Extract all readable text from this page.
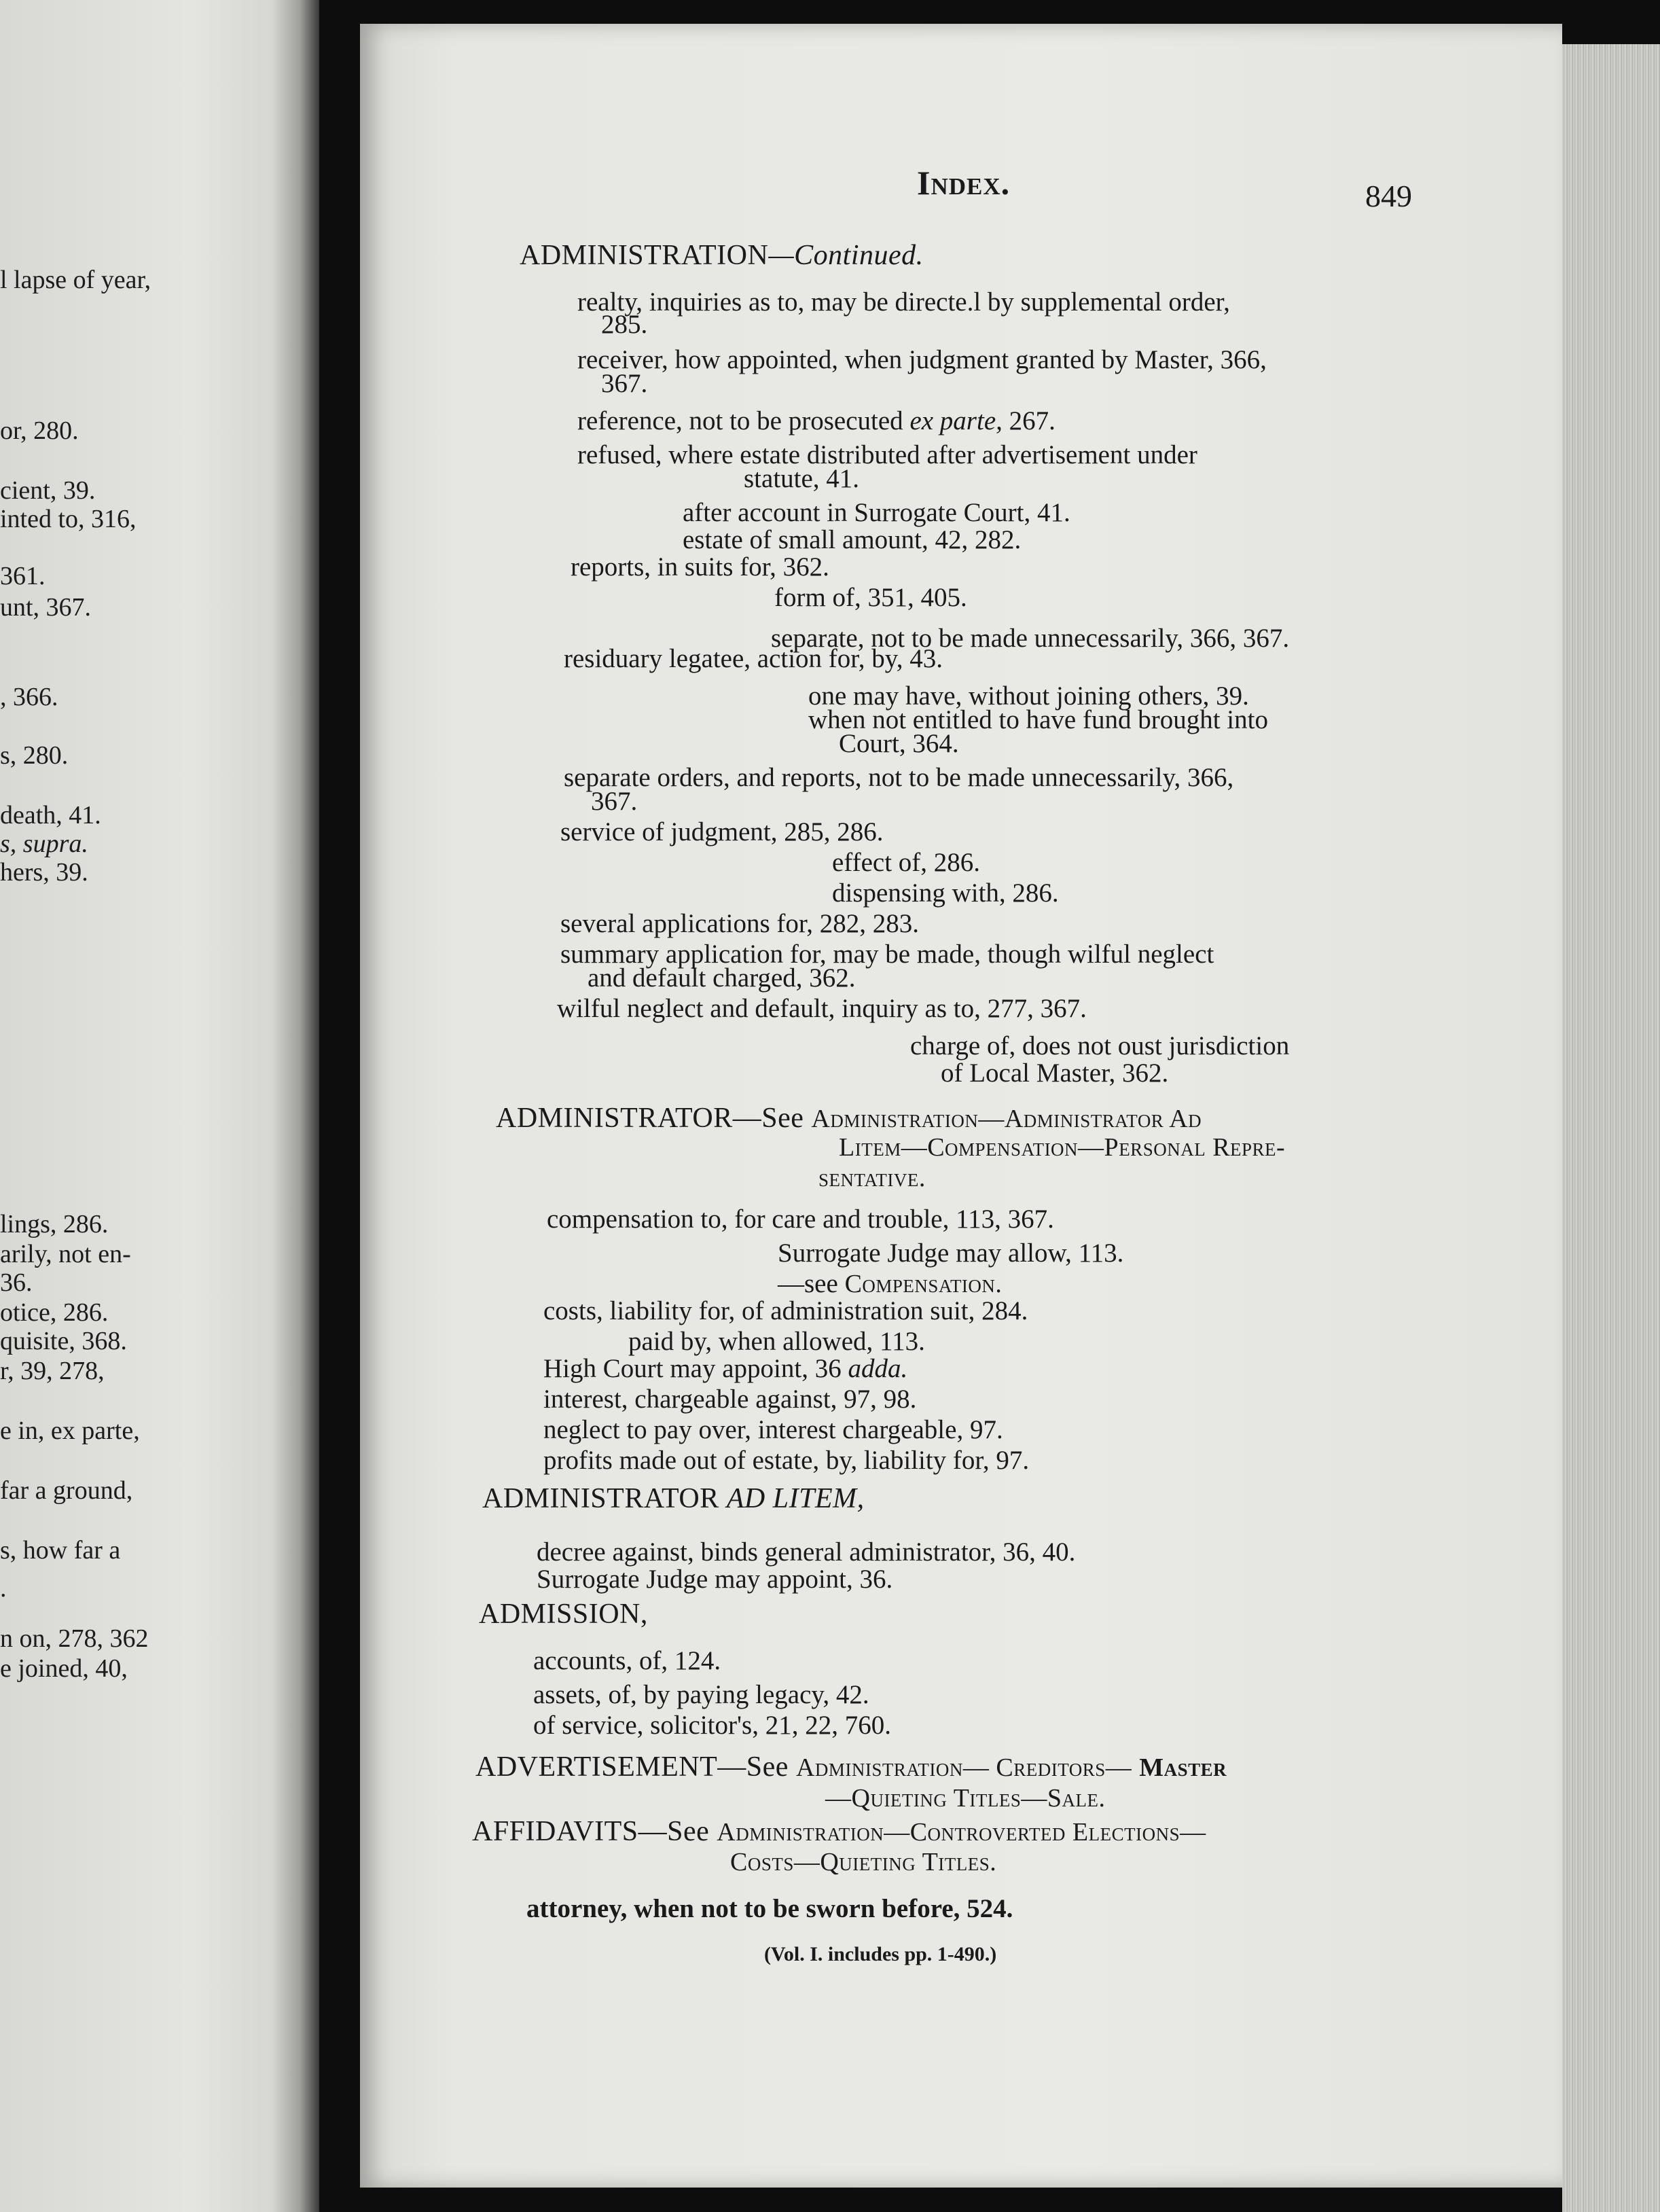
l lapse of year,
or, 280.
cient, 39.
inted to, 316,
361.
unt, 367.
, 366.
s, 280.
death, 41.
s, supra.
hers, 39.
lings, 286.
arily, not en-
36.
otice, 286.
quisite, 368.
r, 39, 278,
e in, ex parte,
far a ground,
s, how far a
.
n on, 278, 362
e joined, 40,
Index.	849
ADMINISTRATION—Continued.
realty, inquiries as to, may be directe.l by supplemental order,
285.
receiver, how appointed, when judgment granted by Master, 366,
367.
reference, not to be prosecuted ex parte, 267.
refused, where estate distributed after advertisement under
statute, 41.
after account in Surrogate Court, 41.
estate of small amount, 42, 282.
reports, in suits for, 362.
form of, 351, 405.
separate, not to be made unnecessarily, 366, 367.
residuary legatee, action for, by, 43.
one may have, without joining others, 39.
when not entitled to have fund brought into
Court, 364.
separate orders, and reports, not to be made unnecessarily, 366,
367.
service of judgment, 285, 286.
effect of, 286.
dispensing with, 286.
several applications for, 282, 283.
summary application for, may be made, though wilful neglect
and default charged, 362.
wilful neglect and default, inquiry as to, 277, 367.
charge of, does not oust jurisdiction
of Local Master, 362.
ADMINISTRATOR—See Administration—Administrator Ad
Litem—Compensation—Personal Repre-
sentative.
compensation to, for care and trouble, 113, 367.
Surrogate Judge may allow, 113.
—see Compensation.
costs, liability for, of administration suit, 284.
paid by, when allowed, 113.
High Court may appoint, 36 adda.
interest, chargeable against, 97, 98.
neglect to pay over, interest chargeable, 97.
profits made out of estate, by, liability for, 97.
ADMINISTRATOR AD LITEM,
decree against, binds general administrator, 36, 40.
Surrogate Judge may appoint, 36.
ADMISSION,
accounts, of, 124.
assets, of, by paying legacy, 42.
of service, solicitor's, 21, 22, 760.
ADVERTISEMENT—See Administration— Creditors— Master
—Quieting Titles—Sale.
AFFIDAVITS—See Administration—Controverted Elections—
Costs—Quieting Titles.
attorney, when not to be sworn before, 524.
(Vol. I. includes pp. 1-490.)
